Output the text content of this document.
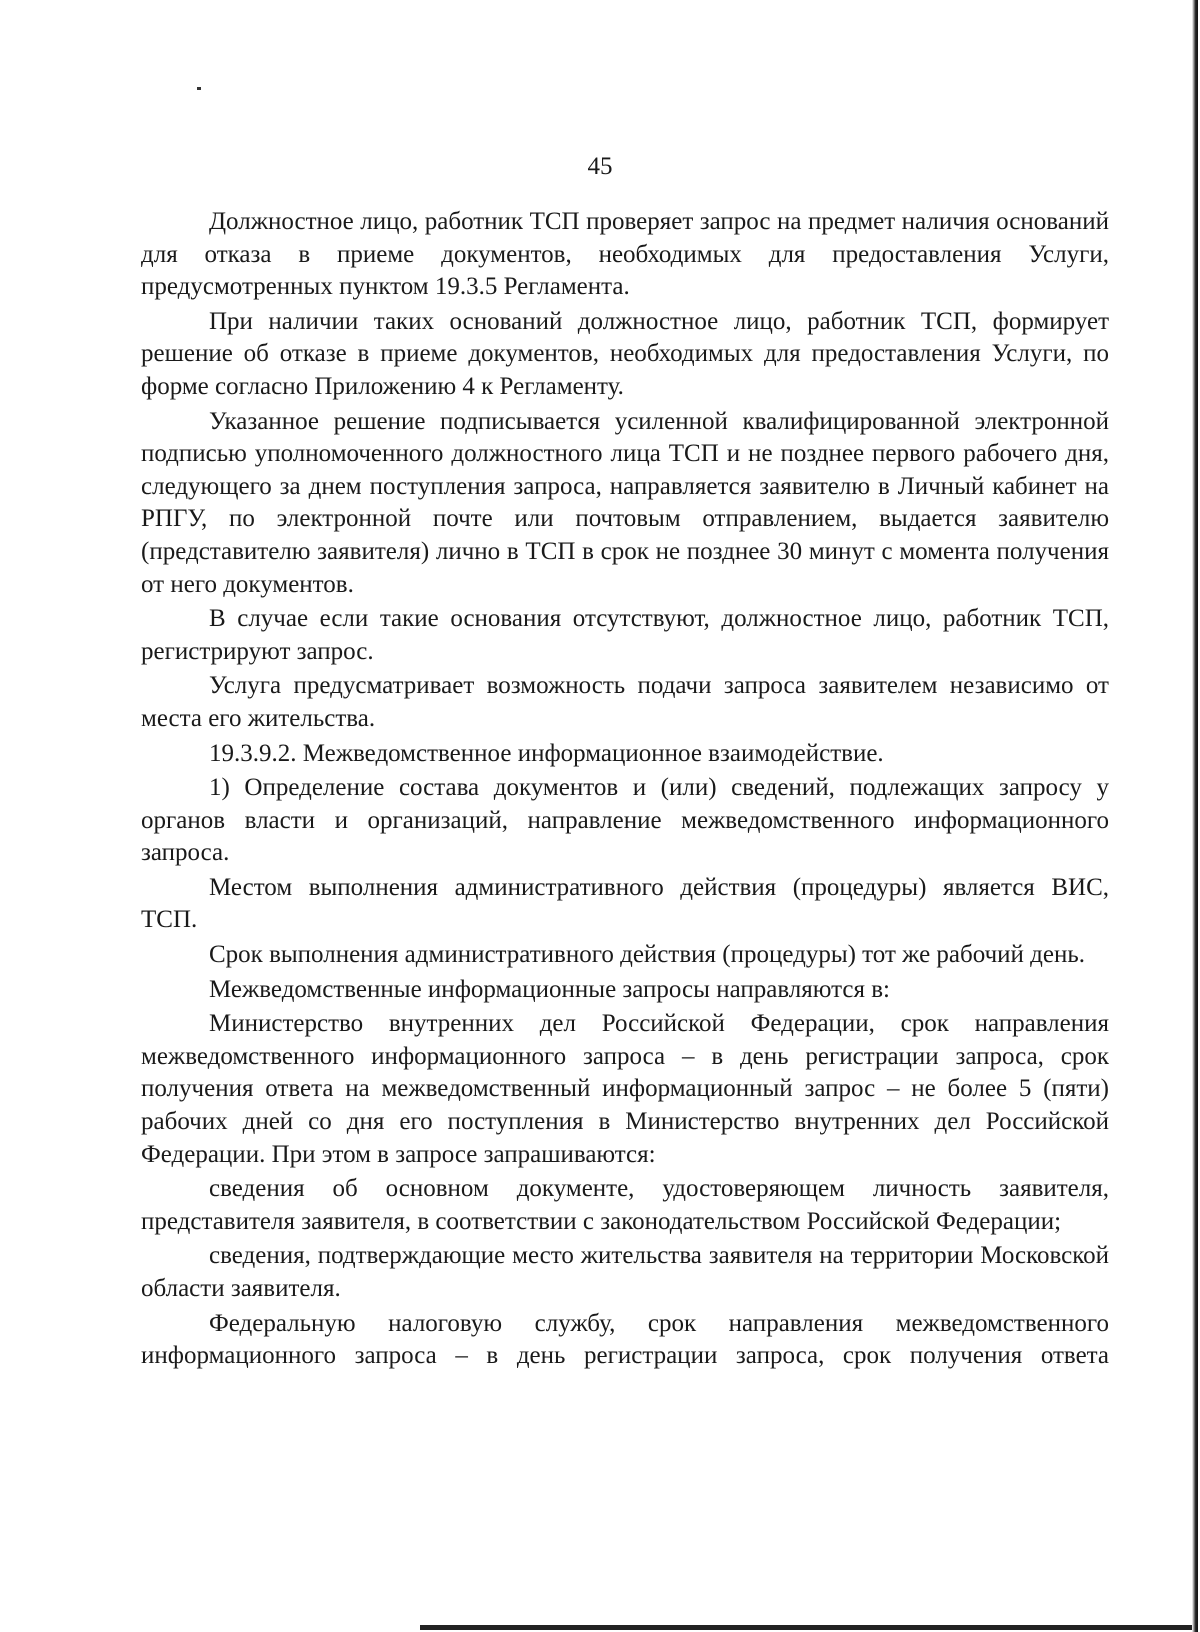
45

Должностное лицо, работник ТСП проверяет запрос на предмет наличия оснований для отказа в приеме документов, необходимых для предоставления Услуги, предусмотренных пунктом 19.3.5 Регламента.

При наличии таких оснований должностное лицо, работник ТСП, формирует решение об отказе в приеме документов, необходимых для предоставления Услуги, по форме согласно Приложению 4 к Регламенту.

Указанное решение подписывается усиленной квалифицированной электронной подписью уполномоченного должностного лица ТСП и не позднее первого рабочего дня, следующего за днем поступления запроса, направляется заявителю в Личный кабинет на РПГУ, по электронной почте или почтовым отправлением, выдается заявителю (представителю заявителя) лично в ТСП в срок не позднее 30 минут с момента получения от него документов.

В случае если такие основания отсутствуют, должностное лицо, работник ТСП, регистрируют запрос.

Услуга предусматривает возможность подачи запроса заявителем независимо от места его жительства.

19.3.9.2. Межведомственное информационное взаимодействие.

1) Определение состава документов и (или) сведений, подлежащих запросу у органов власти и организаций, направление межведомственного информационного запроса.

Местом выполнения административного действия (процедуры) является ВИС, ТСП.

Срок выполнения административного действия (процедуры) тот же рабочий день.

Межведомственные информационные запросы направляются в:

Министерство внутренних дел Российской Федерации, срок направления межведомственного информационного запроса – в день регистрации запроса, срок получения ответа на межведомственный информационный запрос – не более 5 (пяти) рабочих дней со дня его поступления в Министерство внутренних дел Российской Федерации. При этом в запросе запрашиваются:

сведения об основном документе, удостоверяющем личность заявителя, представителя заявителя, в соответствии с законодательством Российской Федерации;

сведения, подтверждающие место жительства заявителя на территории Московской области заявителя.

Федеральную налоговую службу, срок направления межведомственного информационного запроса – в день регистрации запроса, срок получения ответа
